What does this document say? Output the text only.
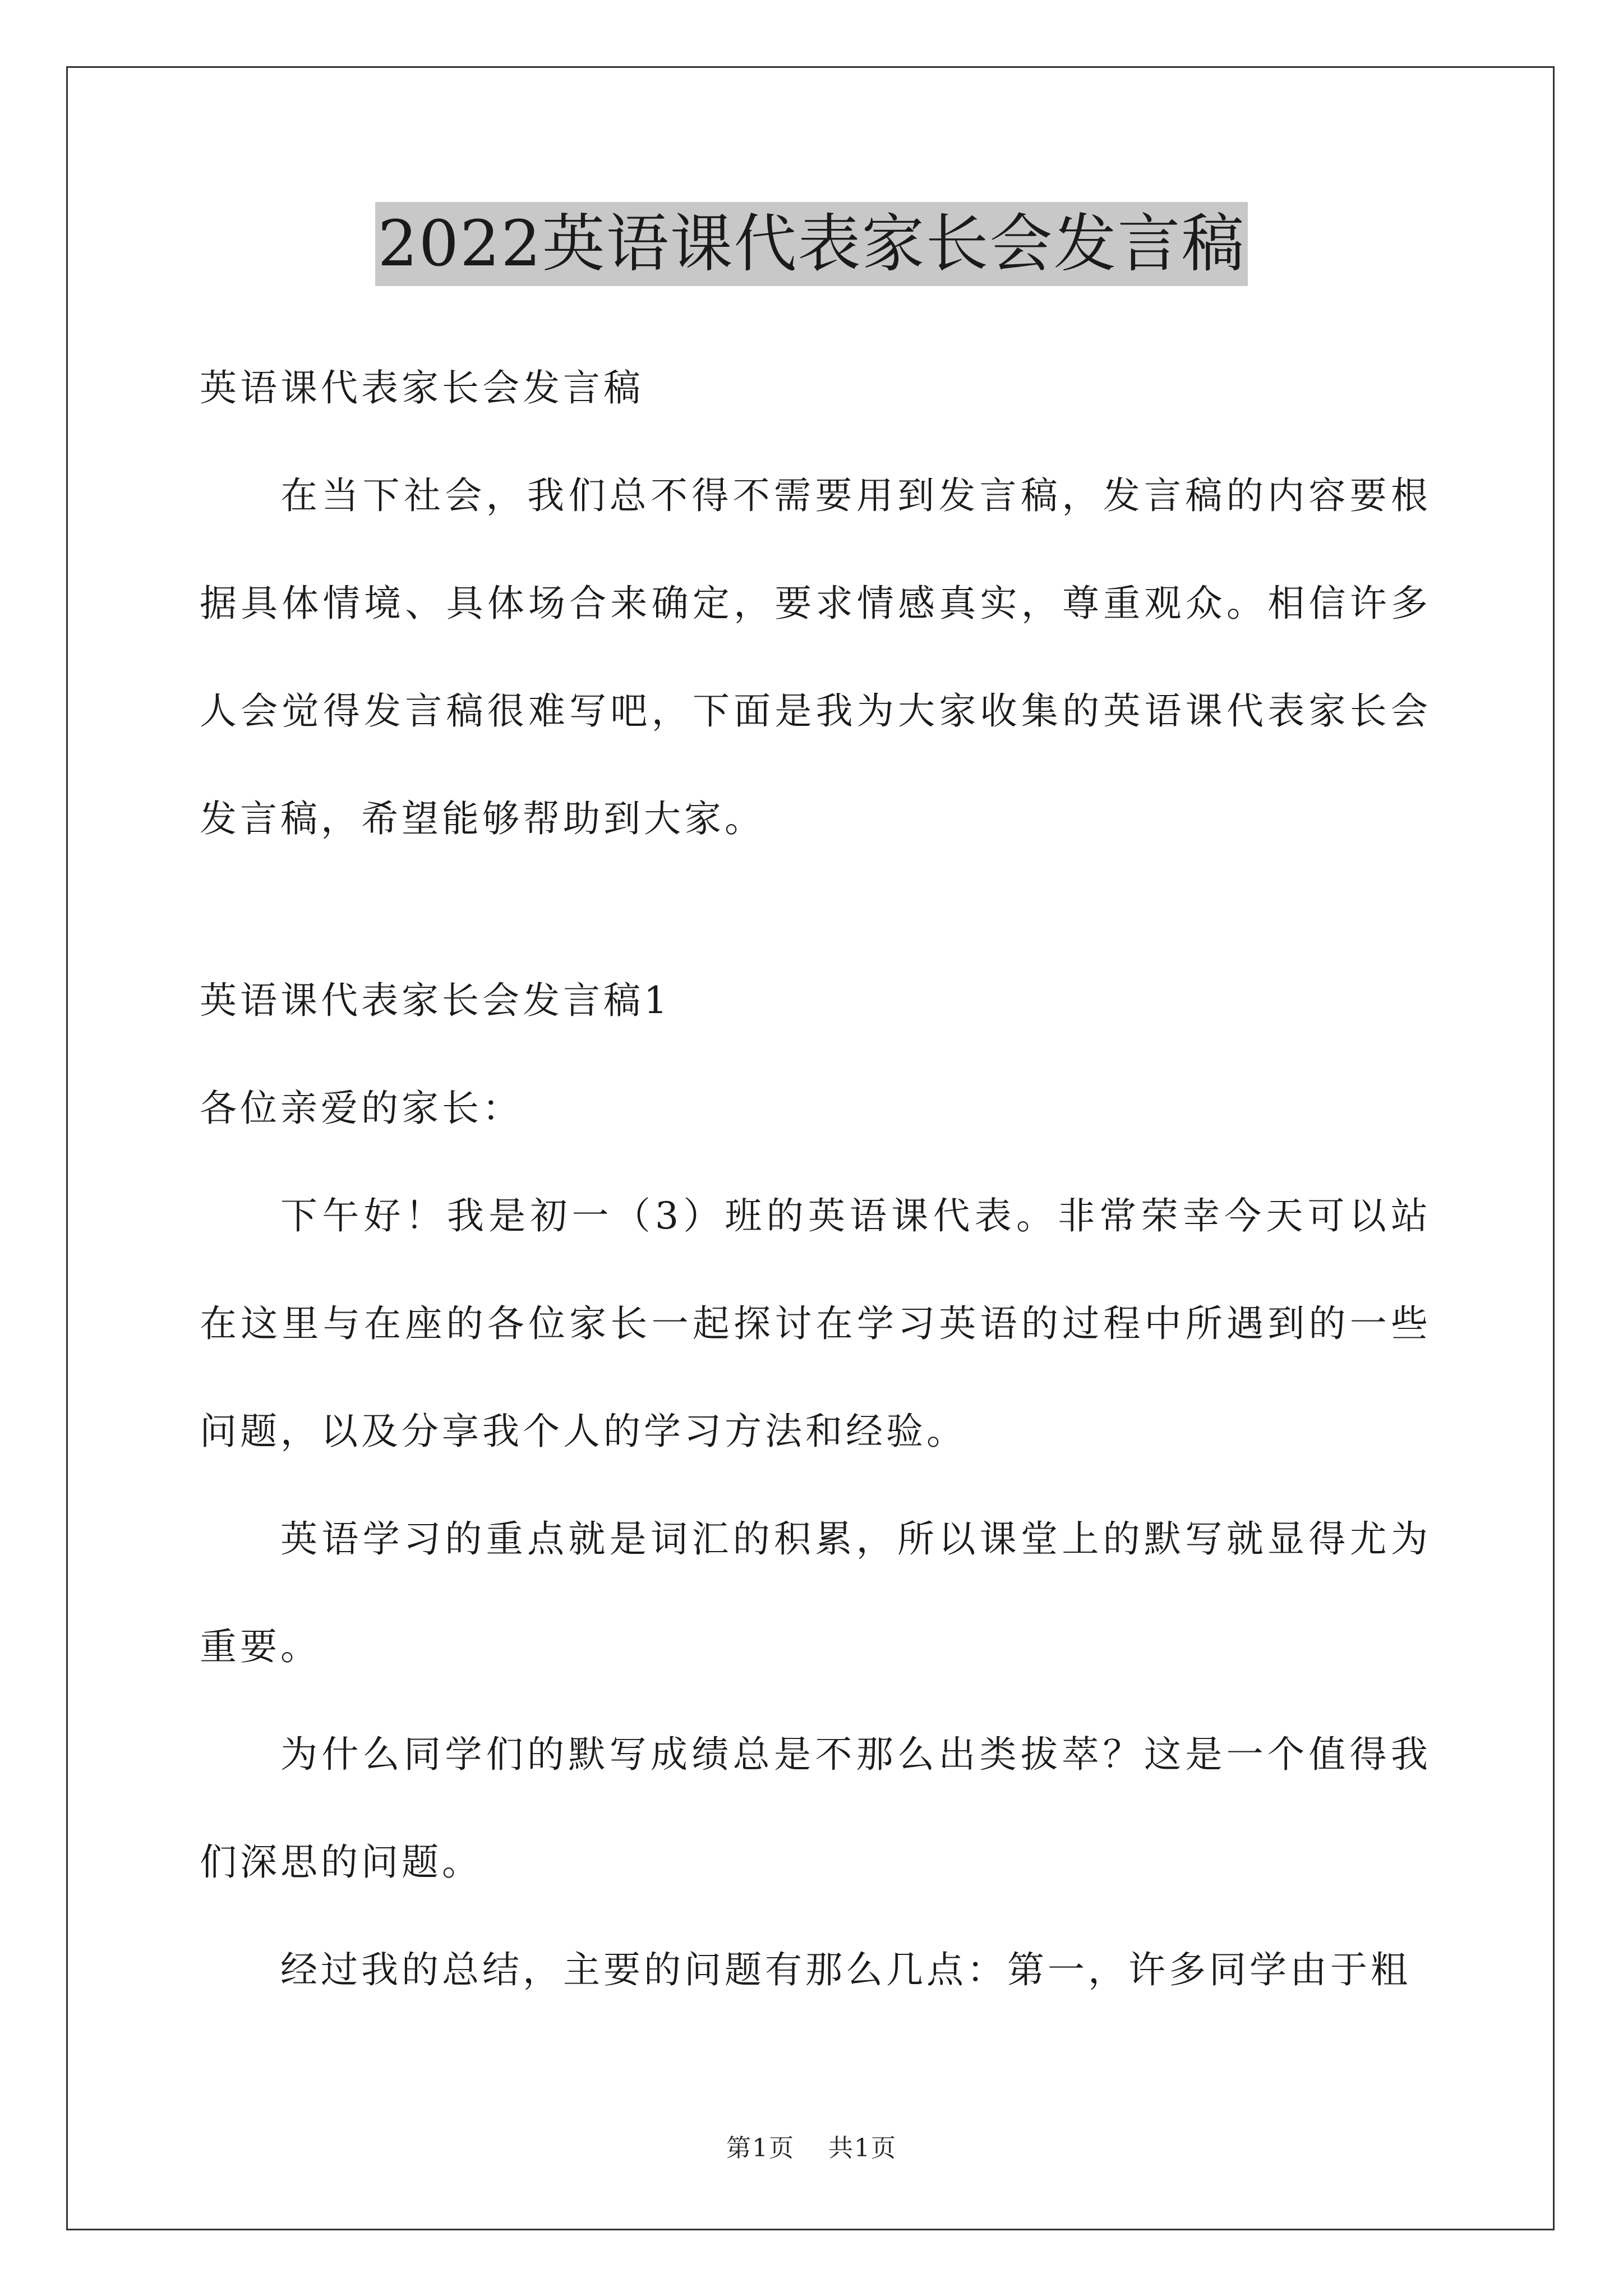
2022英语课代表家长会发言稿

英语课代表家长会发言稿

在当下社会，我们总不得不需要用到发言稿，发言稿的内容要根据具体情境、具体场合来确定，要求情感真实，尊重观众。相信许多人会觉得发言稿很难写吧，下面是我为大家收集的英语课代表家长会发言稿，希望能够帮助到大家。

英语课代表家长会发言稿1

各位亲爱的家长：

下午好！我是初一（3）班的英语课代表。非常荣幸今天可以站在这里与在座的各位家长一起探讨在学习英语的过程中所遇到的一些问题，以及分享我个人的学习方法和经验。

英语学习的重点就是词汇的积累，所以课堂上的默写就显得尤为重要。

为什么同学们的默写成绩总是不那么出类拔萃？这是一个值得我们深思的问题。

经过我的总结，主要的问题有那么几点：第一，许多同学由于粗

第1页 共1页
